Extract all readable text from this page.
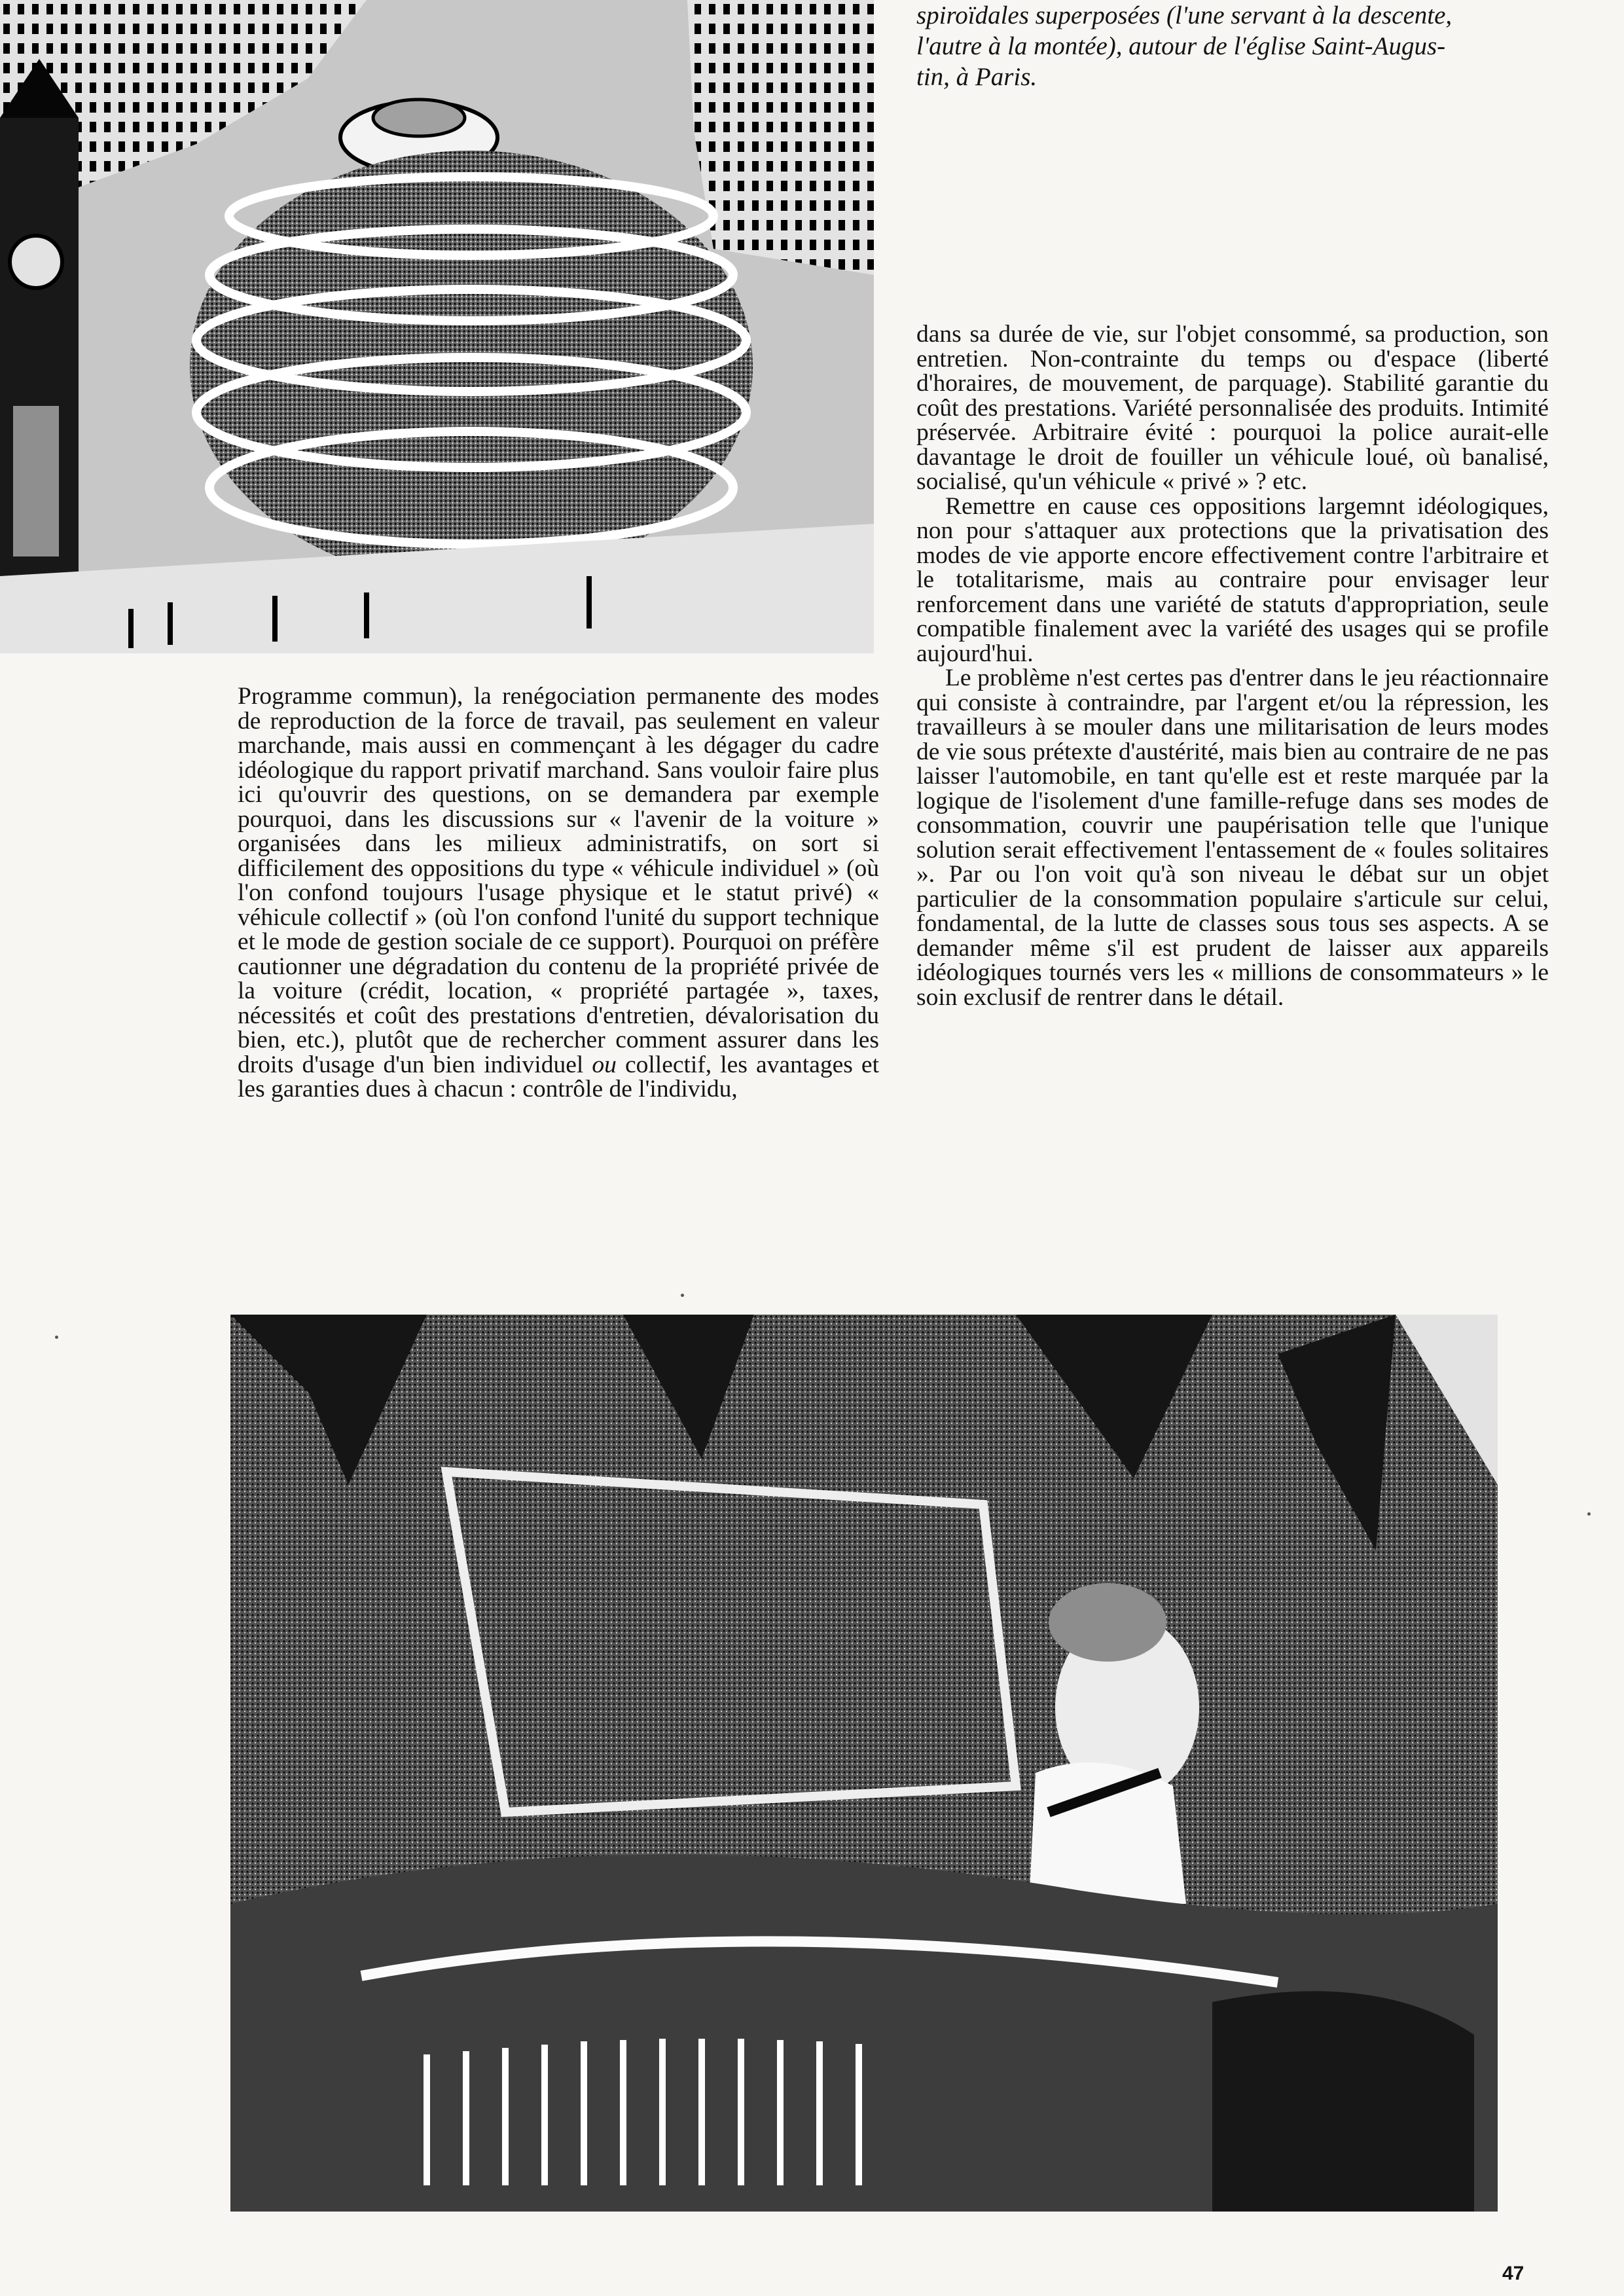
spiroïdales superposées (l'une servant à la descente,
l'autre à la montée), autour de l'église Saint-Augus-
tin, à Paris.

Programme commun), la renégociation permanente des modes de reproduction de la force de travail, pas seulement en valeur marchande, mais aussi en commençant à les dégager du cadre idéologique du rapport privatif marchand. Sans vouloir faire plus ici qu'ouvrir des questions, on se demandera par exemple pourquoi, dans les discussions sur « l'avenir de la voiture » organisées dans les milieux administratifs, on sort si difficilement des oppositions du type « véhicule individuel » (où l'on confond toujours l'usage physique et le statut privé) « véhicule collectif » (où l'on confond l'unité du support technique et le mode de gestion sociale de ce support). Pourquoi on préfère cautionner une dégradation du contenu de la propriété privée de la voiture (crédit, location, « propriété partagée », taxes, nécessités et coût des prestations d'entretien, dévalorisation du bien, etc.), plutôt que de rechercher comment assurer dans les droits d'usage d'un bien individuel ou collectif, les avantages et les garanties dues à chacun : contrôle de l'individu,

dans sa durée de vie, sur l'objet consommé, sa production, son entretien. Non-contrainte du temps ou d'espace (liberté d'horaires, de mouvement, de parquage). Stabilité garantie du coût des prestations. Variété personnalisée des produits. Intimité préservée. Arbitraire évité : pourquoi la police aurait-elle davantage le droit de fouiller un véhicule loué, où banalisé, socialisé, qu'un véhicule « privé » ? etc.

Remettre en cause ces oppositions largemnt idéologiques, non pour s'attaquer aux protections que la privatisation des modes de vie apporte encore effectivement contre l'arbitraire et le totalitarisme, mais au contraire pour envisager leur renforcement dans une variété de statuts d'appropriation, seule compatible finalement avec la variété des usages qui se profile aujourd'hui.

Le problème n'est certes pas d'entrer dans le jeu réactionnaire qui consiste à contraindre, par l'argent et/ou la répression, les travailleurs à se mouler dans une militarisation de leurs modes de vie sous prétexte d'austérité, mais bien au contraire de ne pas laisser l'automobile, en tant qu'elle est et reste marquée par la logique de l'isolement d'une famille-refuge dans ses modes de consommation, couvrir une paupérisation telle que l'unique solution serait effectivement l'entassement de « foules solitaires ». Par ou l'on voit qu'à son niveau le débat sur un objet particulier de la consommation populaire s'articule sur celui, fondamental, de la lutte de classes sous tous ses aspects. A se demander même s'il est prudent de laisser aux appareils idéologiques tournés vers les « millions de consommateurs » le soin exclusif de rentrer dans le détail.

47
